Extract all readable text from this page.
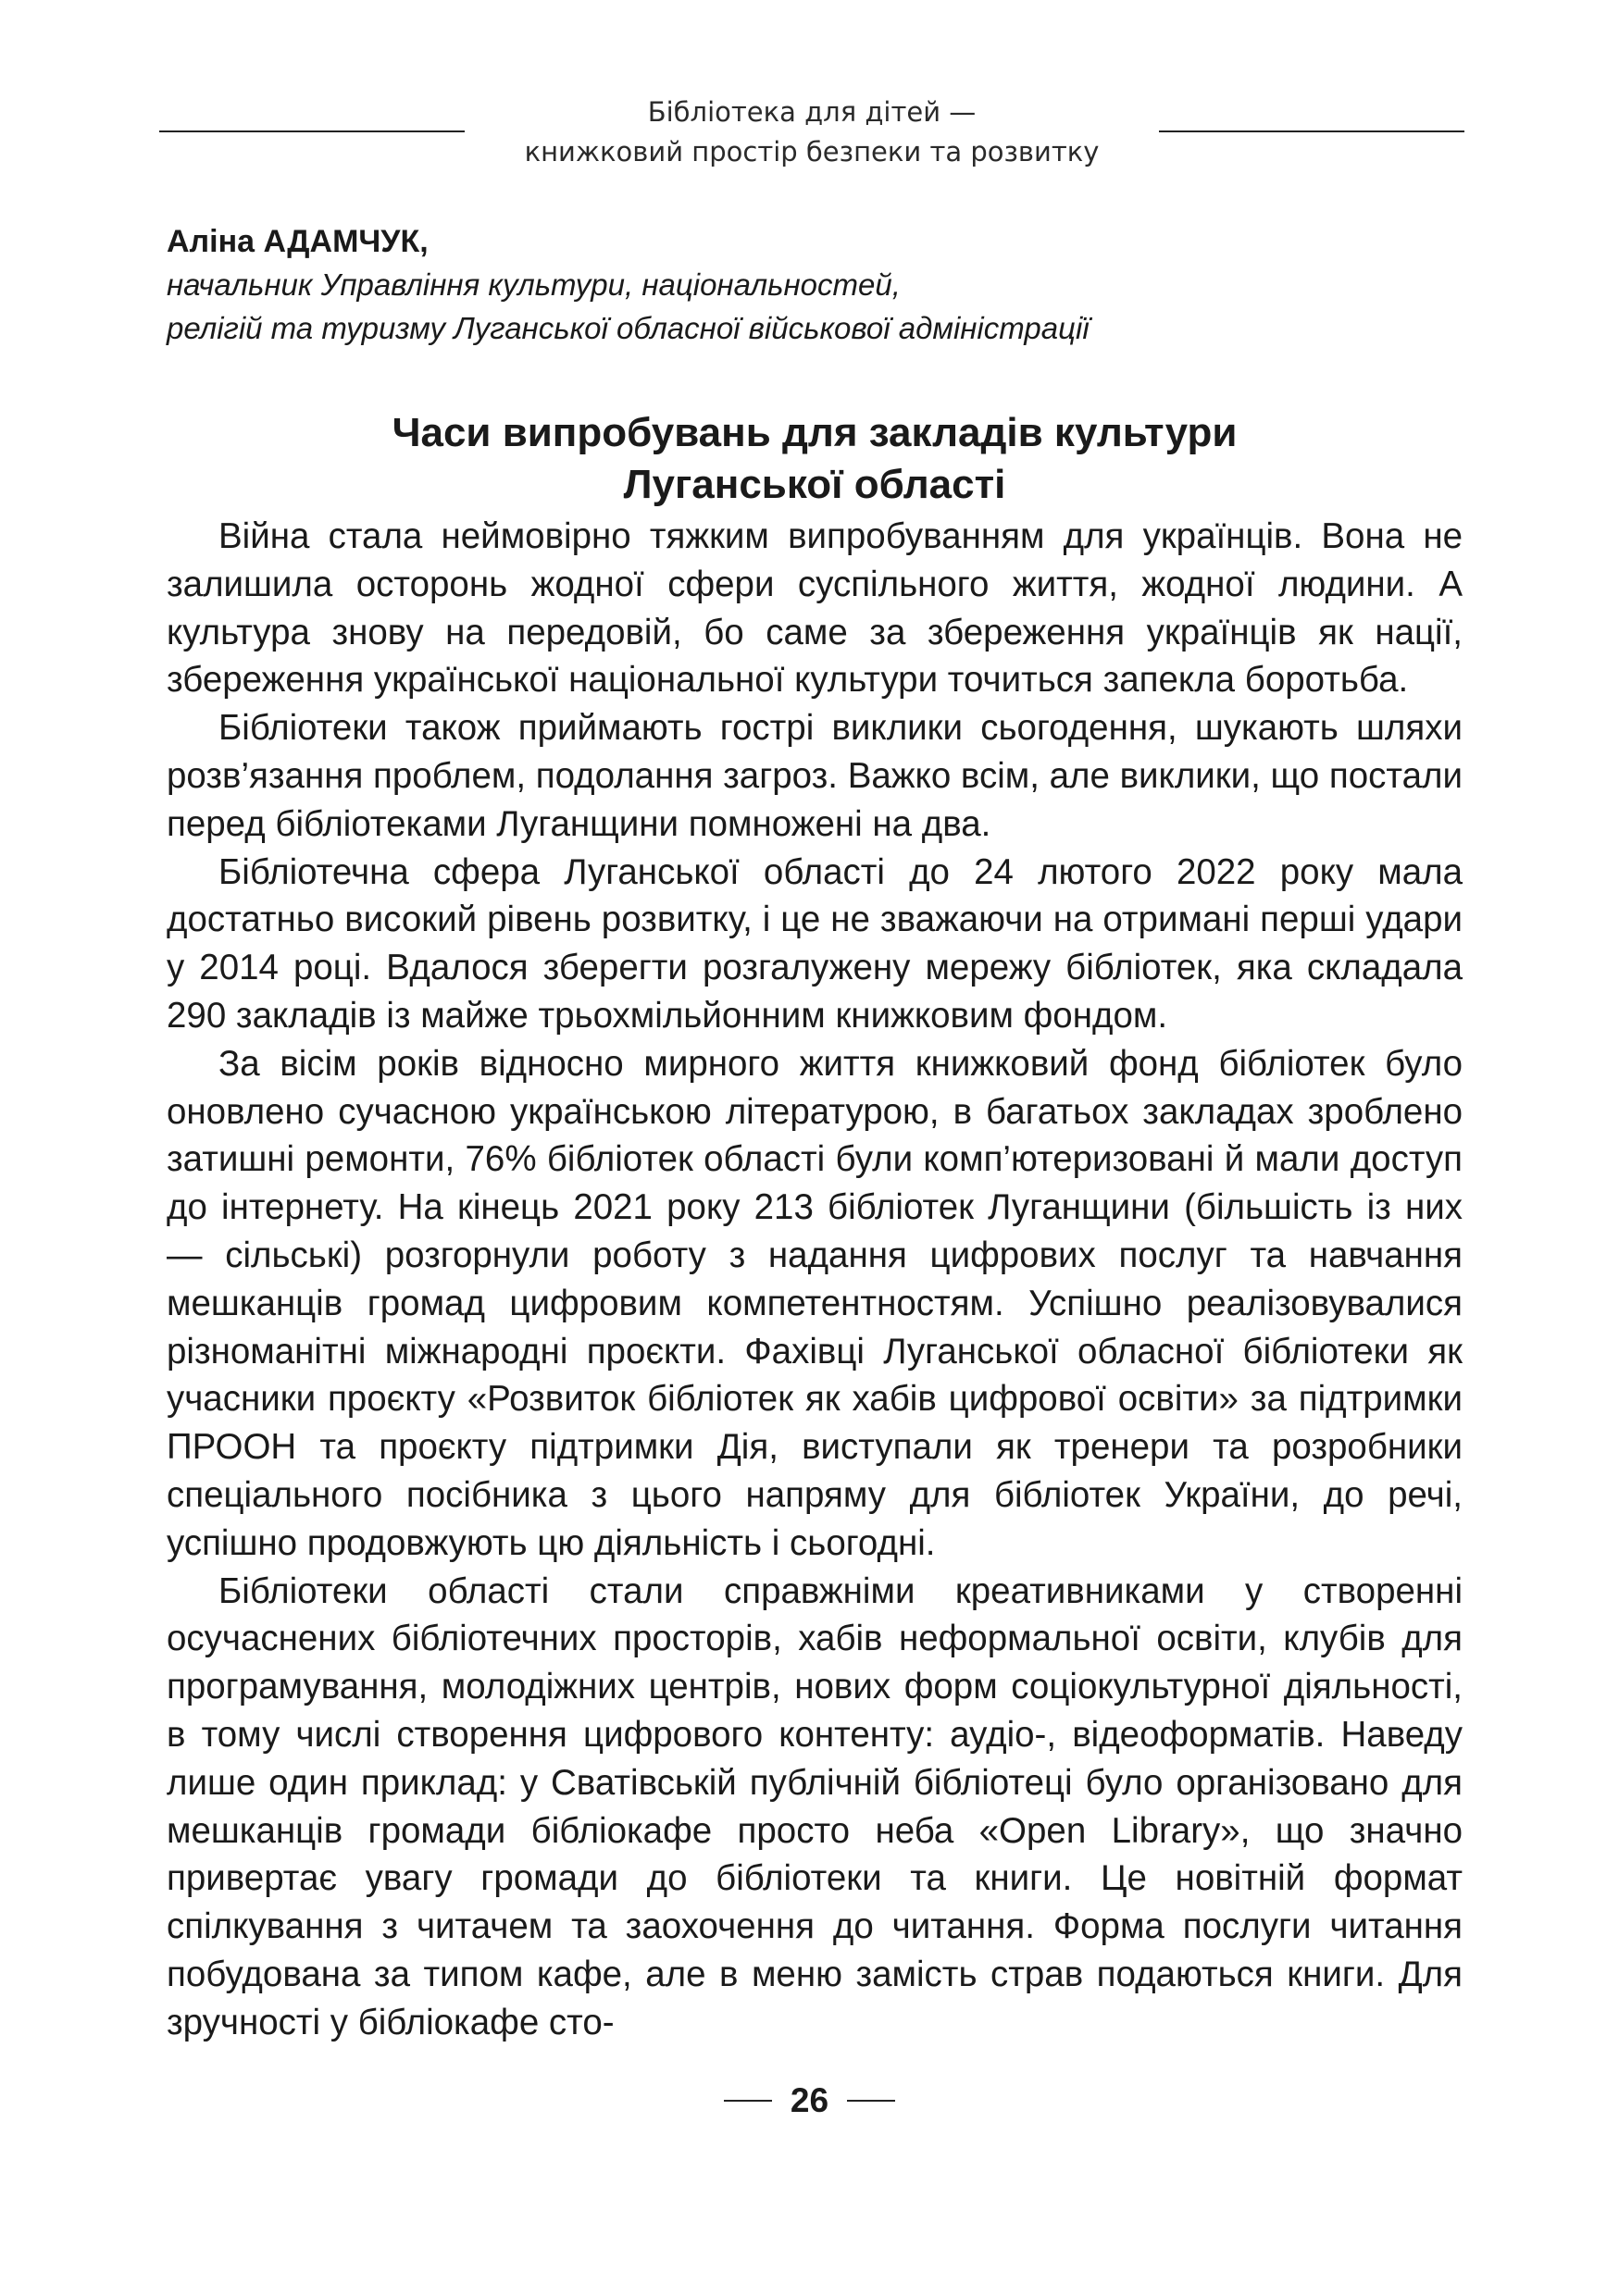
Бібліотека для дітей —
книжковий простір безпеки та розвитку
Аліна АДАМЧУК,
начальник Управління культури, національностей,
релігій та туризму Луганської обласної військової адміністрації
Часи випробувань для закладів культури
Луганської області

Війна стала неймовірно тяжким випробуванням для українців. Вона не залишила осторонь жодної сфери суспільного життя, жодної людини. А культура знову на передовій, бо саме за збереження українців як нації, збереження української національної культури точиться запекла боротьба.

Бібліотеки також приймають гострі виклики сьогодення, шукають шляхи розв’язання проблем, подолання загроз. Важко всім, але виклики, що постали перед бібліотеками Луганщини помножені на два.

Бібліотечна сфера Луганської області до 24 лютого 2022 року мала достатньо високий рівень розвитку, і це не зважаючи на отримані перші удари у 2014 році. Вдалося зберегти розгалужену мережу бібліотек, яка складала 290 закладів із майже трьохмільйонним книжковим фондом.

За вісім років відносно мирного життя книжковий фонд бібліотек було оновлено сучасною українською літературою, в багатьох закладах зроблено затишні ремонти, 76% бібліотек області були комп’ютеризовані й мали доступ до інтернету. На кінець 2021 року 213 бібліотек Луганщини (більшість із них — сільські) розгорнули роботу з надання цифрових послуг та навчання мешканців громад цифровим компетентностям. Успішно реалізовувалися різноманітні міжнародні проєкти. Фахівці Луганської обласної бібліотеки як учасники проєкту «Розвиток бібліотек як хабів цифрової освіти» за підтримки ПРООН та проєкту підтримки Дія, виступали як тренери та розробники спеціального посібника з цього напряму для бібліотек України, до речі, успішно продовжують цю діяльність і сьогодні.

Бібліотеки області стали справжніми креативниками у створенні осучаснених бібліотечних просторів, хабів неформальної освіти, клубів для програмування, молодіжних центрів, нових форм соціокультурної діяльності, в тому числі створення цифрового контенту: аудіо-, відеоформатів. Наведу лише один приклад: у Сватівській публічній бібліотеці було організовано для мешканців громади бібліокафе просто неба «Open Library», що значно привертає увагу громади до бібліотеки та книги. Це новітній формат спілкування з читачем та заохочення до читання. Форма послуги читання побудована за типом кафе, але в меню замість страв подаються книги. Для зручності у бібліокафе сто-

26
